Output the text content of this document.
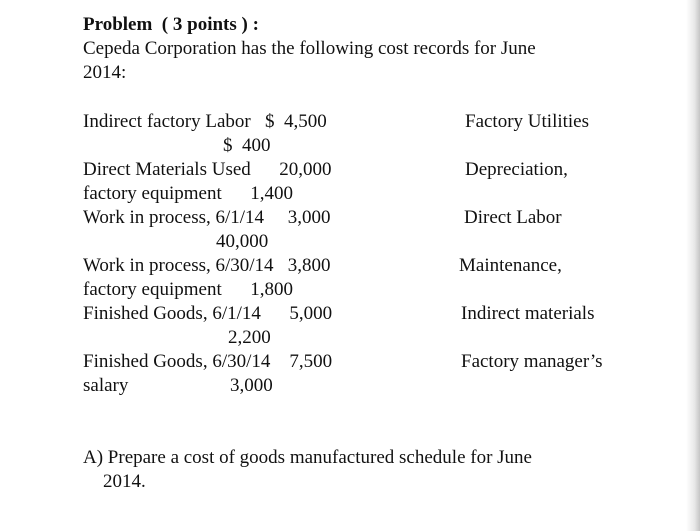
Problem  ( 3 points ) :
Cepeda Corporation has the following cost records for June
2014:
Indirect factory Labor   $  4,500
$  400
Direct Materials Used      20,000
factory equipment      1,400
Work in process, 6/1/14     3,000
40,000
Work in process, 6/30/14   3,800
factory equipment      1,800
Finished Goods, 6/1/14      5,000
2,200
Finished Goods, 6/30/14    7,500
salary	3,000
Factory Utilities
Depreciation,
Direct Labor
Maintenance,
Indirect materials
Factory manager’s
A) Prepare a cost of goods manufactured schedule for June
2014.
